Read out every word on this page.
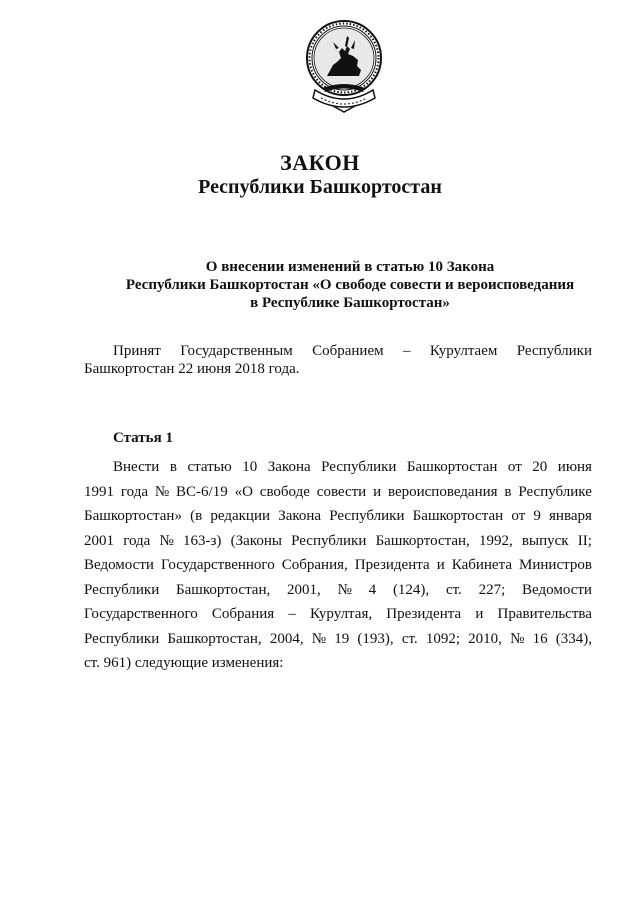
ЗАКОН
Республики Башкортостан
О внесении изменений в статью 10 Закона
Республики Башкортостан «О свободе совести и вероисповедания
в Республике Башкортостан»
Принят Государственным Собранием – Курултаем Республики
Башкортостан 22 июня 2018 года.
Статья 1
Внести в статью 10 Закона Республики Башкортостан от 20 июня
1991 года № ВС-6/19 «О свободе совести и вероисповедания в Республике
Башкортостан» (в редакции Закона Республики Башкортостан от 9 января
2001 года № 163-з) (Законы Республики Башкортостан, 1992, выпуск II;
Ведомости Государственного Собрания, Президента и Кабинета Министров
Республики Башкортостан, 2001, № 4 (124), ст. 227; Ведомости
Государственного Собрания – Курултая, Президента и Правительства
Республики Башкортостан, 2004, № 19 (193), ст. 1092; 2010, № 16 (334),
ст. 961) следующие изменения:
